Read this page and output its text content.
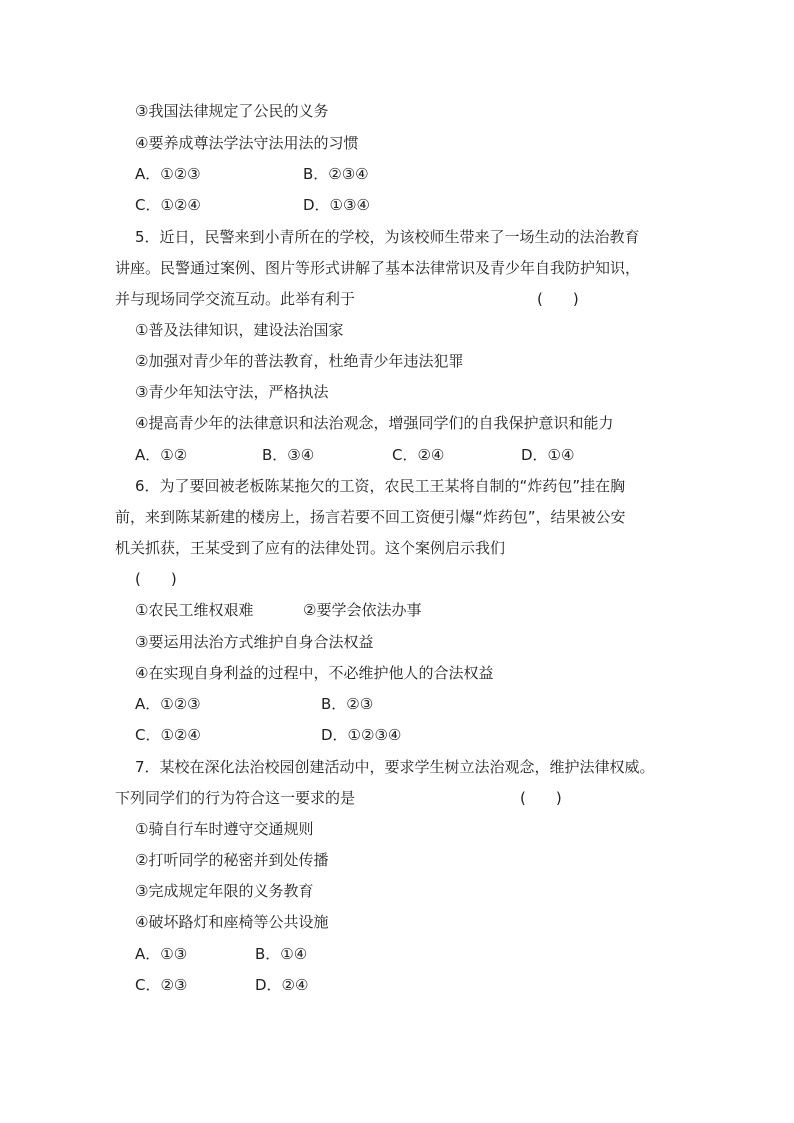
③我国法律规定了公民的义务
④要养成尊法学法守法用法的习惯
A．①②③	B．②③④
C．①②④	D．①③④
5．近日，民警来到小青所在的学校，为该校师生带来了一场生动的法治教育
讲座。民警通过案例、图片等形式讲解了基本法律常识及青少年自我防护知识，
并与现场同学交流互动。此举有利于	(　　)
①普及法律知识，建设法治国家
②加强对青少年的普法教育，杜绝青少年违法犯罪
③青少年知法守法，严格执法
④提高青少年的法律意识和法治观念，增强同学们的自我保护意识和能力
A．①②	B．③④	C．②④	D．①④
6．为了要回被老板陈某拖欠的工资，农民工王某将自制的“炸药包”挂在胸
前，来到陈某新建的楼房上，扬言若要不回工资便引爆“炸药包”，结果被公安
机关抓获，王某受到了应有的法律处罚。这个案例启示我们
(　　)
①农民工维权艰难	②要学会依法办事
③要运用法治方式维护自身合法权益
④在实现自身利益的过程中，不必维护他人的合法权益
A．①②③	B．②③
C．①②④	D．①②③④
7．某校在深化法治校园创建活动中，要求学生树立法治观念，维护法律权威。
下列同学们的行为符合这一要求的是	(　　)
①骑自行车时遵守交通规则
②打听同学的秘密并到处传播
③完成规定年限的义务教育
④破坏路灯和座椅等公共设施
A．①③	B．①④
C．②③	D．②④
